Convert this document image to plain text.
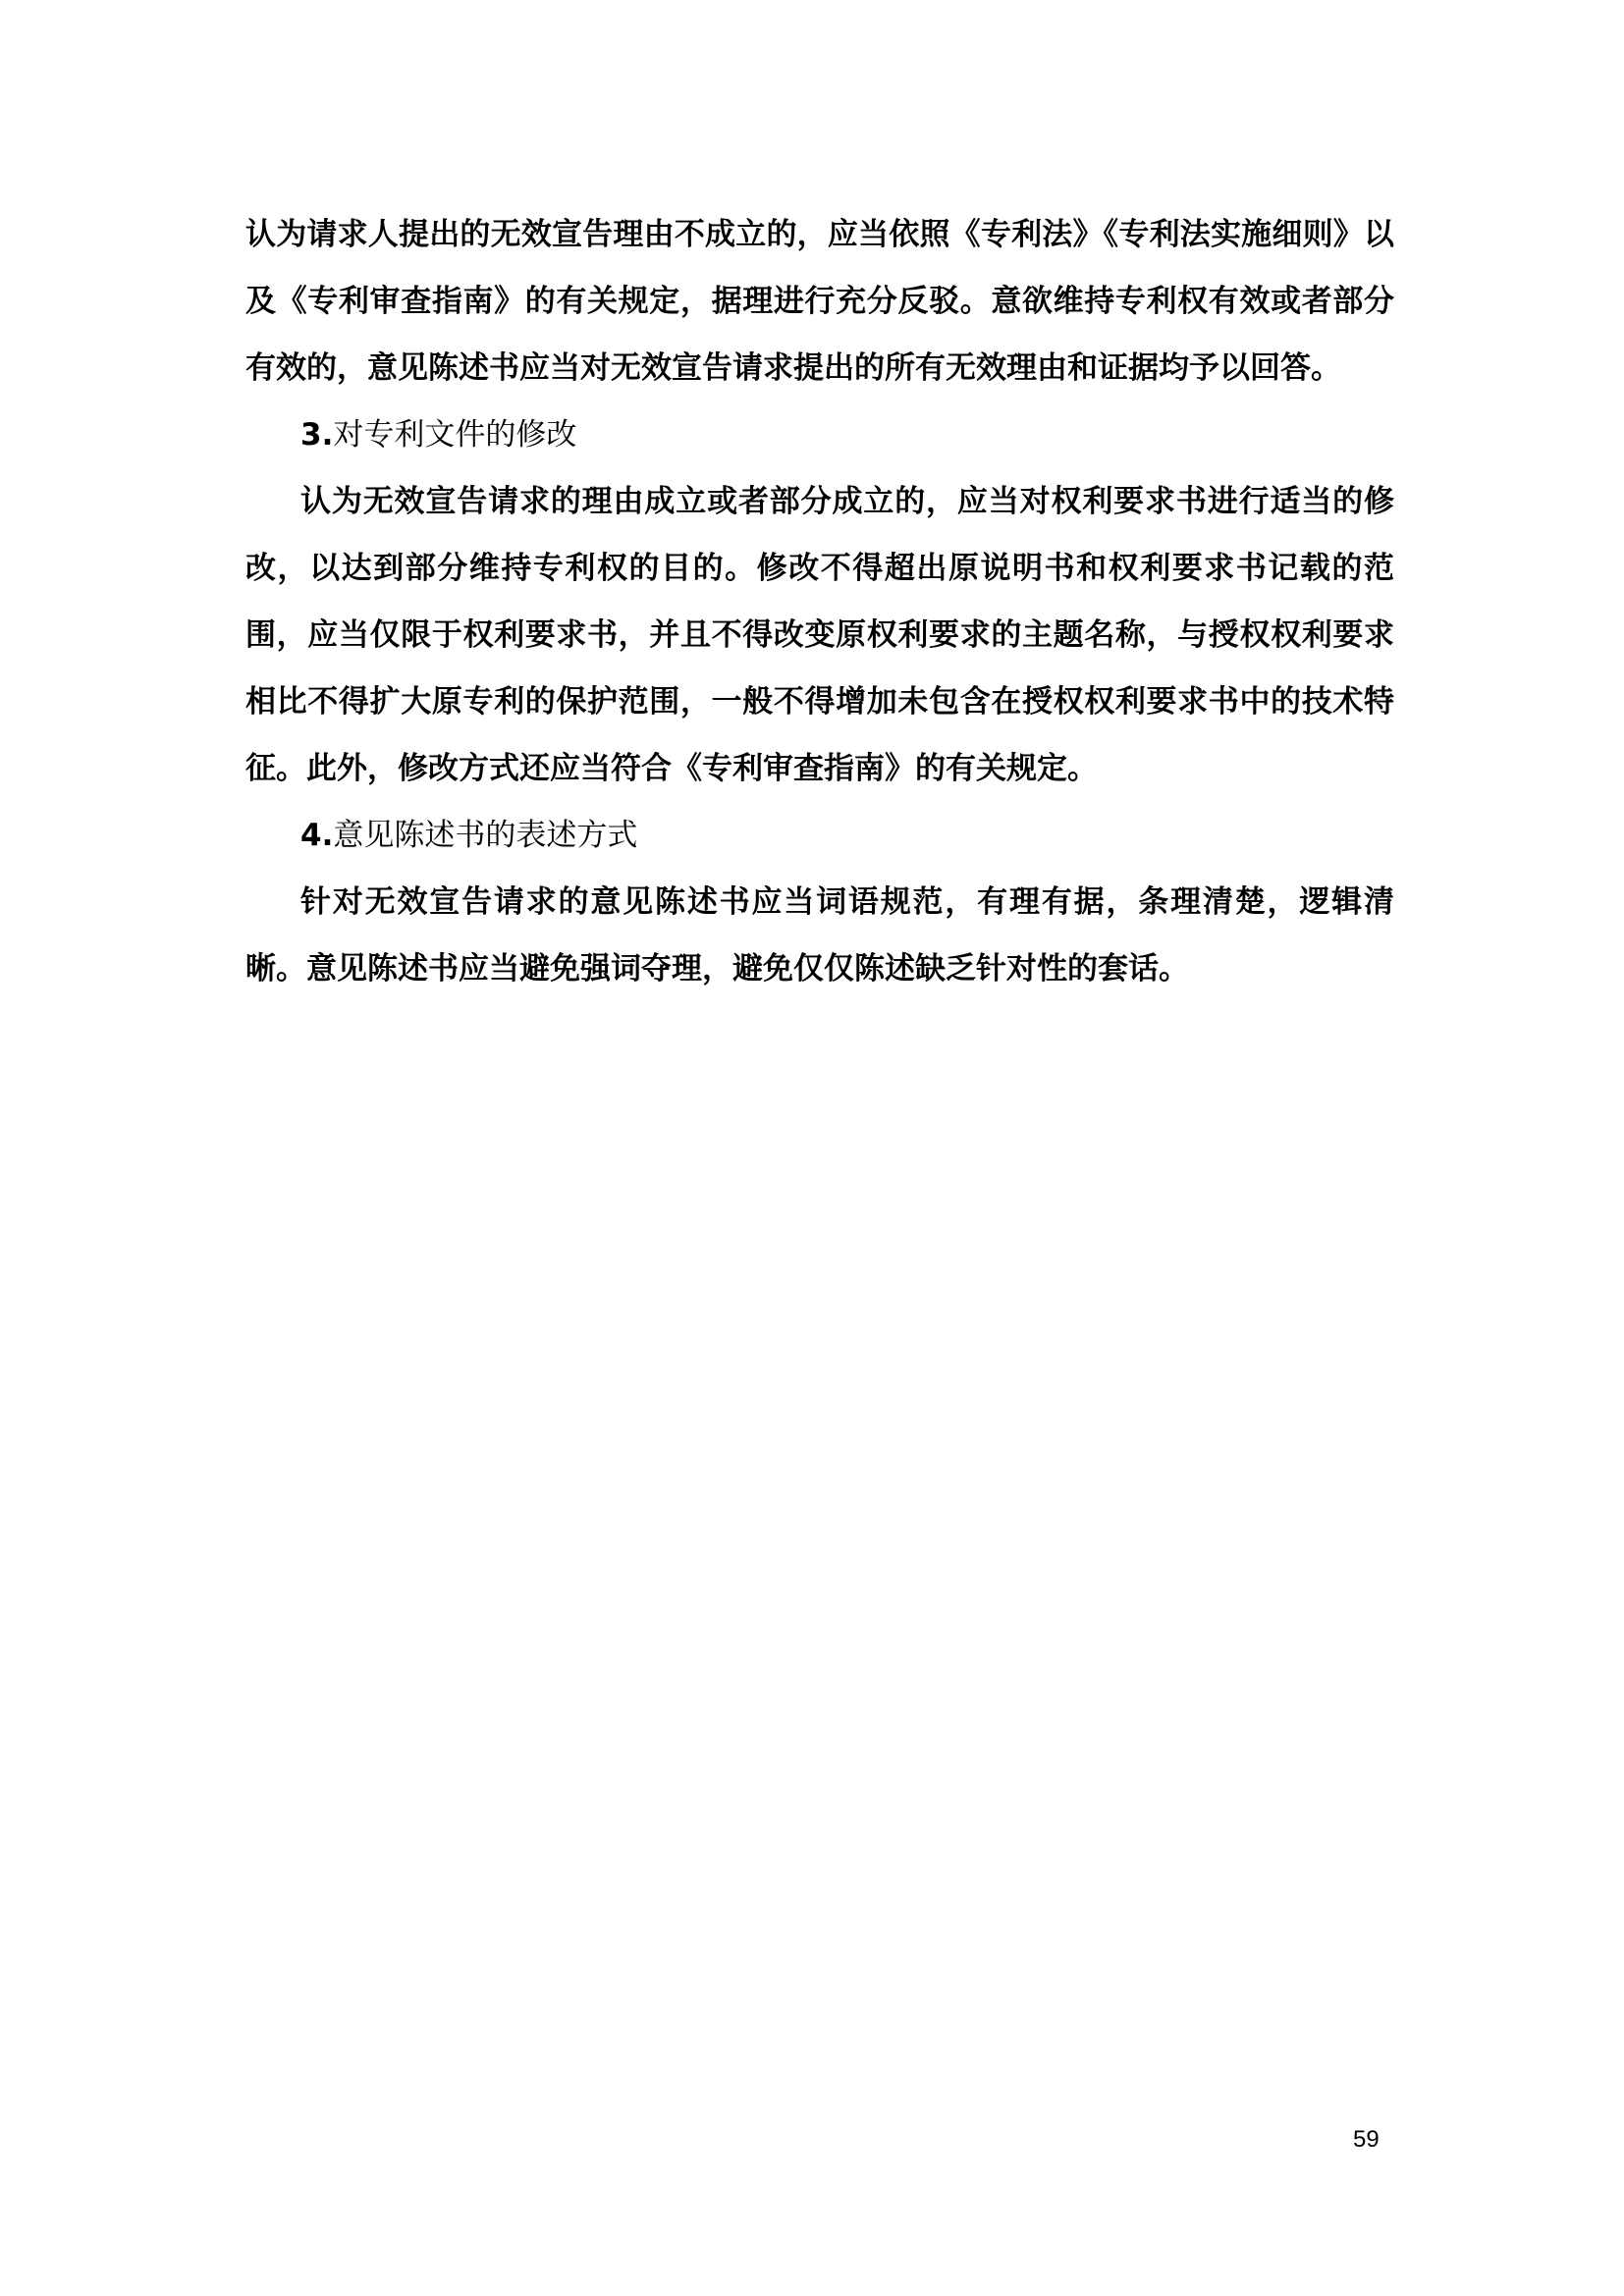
认为请求人提出的无效宣告理由不成立的，应当依照《专利法》《专利法实施细则》以及《专利审查指南》的有关规定，据理进行充分反驳。意欲维持专利权有效或者部分有效的，意见陈述书应当对无效宣告请求提出的所有无效理由和证据均予以回答。

3.对专利文件的修改

认为无效宣告请求的理由成立或者部分成立的，应当对权利要求书进行适当的修改，以达到部分维持专利权的目的。修改不得超出原说明书和权利要求书记载的范围，应当仅限于权利要求书，并且不得改变原权利要求的主题名称，与授权权利要求相比不得扩大原专利的保护范围，一般不得增加未包含在授权权利要求书中的技术特征。此外，修改方式还应当符合《专利审查指南》的有关规定。

4.意见陈述书的表述方式

针对无效宣告请求的意见陈述书应当词语规范，有理有据，条理清楚，逻辑清晰。意见陈述书应当避免强词夺理，避免仅仅陈述缺乏针对性的套话。

59
